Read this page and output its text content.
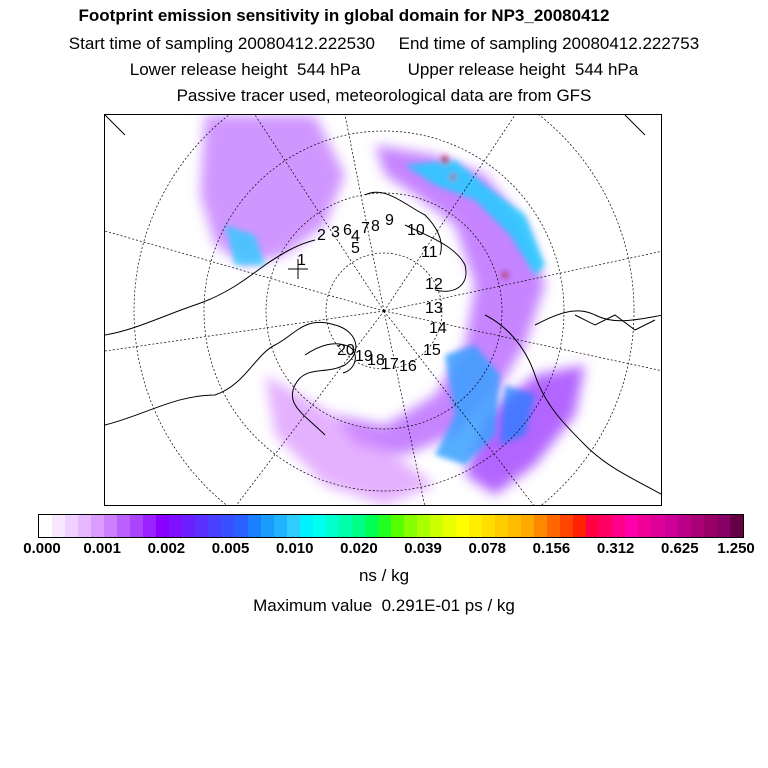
Footprint emission sensitivity in global domain for NP3_20080412
Start time of sampling 20080412.222530     End time of sampling 20080412.222753
Lower release height  544 hPa          Upper release height  544 hPa
Passive tracer used, meteorological data are from GFS
1
2 3 4
5
6 7 8 9
10
11
12
13
14
15
16
17
18
19
20
0.000 0.001 0.002 0.005 0.010 0.020 0.039 0.078 0.156 0.312 0.625 1.250
ns / kg
Maximum value  0.291E-01 ps / kg
